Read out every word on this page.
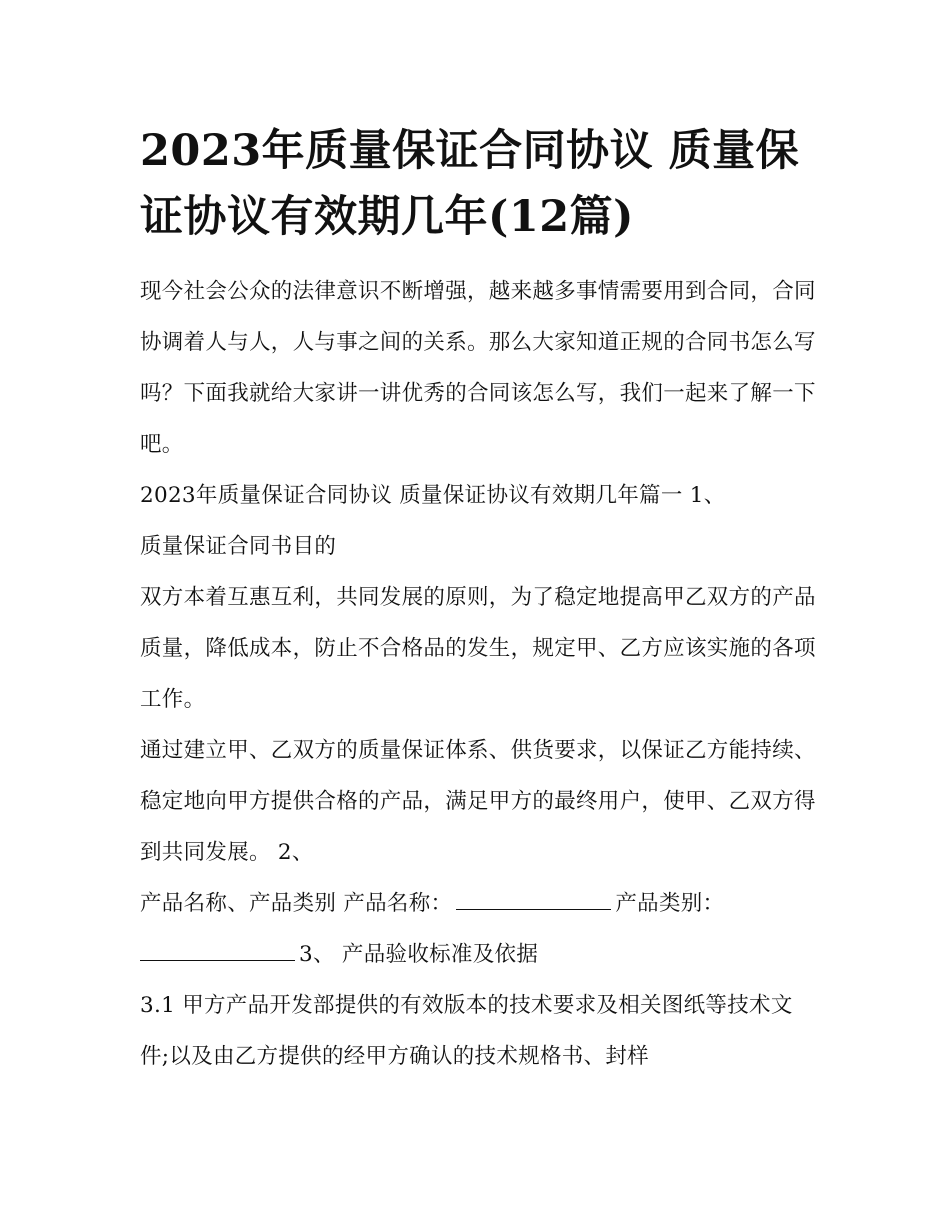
2023年质量保证合同协议 质量保证协议有效期几年(12篇)

现今社会公众的法律意识不断增强，越来越多事情需要用到合同，合同协调着人与人，人与事之间的关系。那么大家知道正规的合同书怎么写吗？下面我就给大家讲一讲优秀的合同该怎么写，我们一起来了解一下吧。

2023年质量保证合同协议 质量保证协议有效期几年篇一 1、

质量保证合同书目的

双方本着互惠互利，共同发展的原则，为了稳定地提高甲乙双方的产品质量，降低成本，防止不合格品的发生，规定甲、乙方应该实施的各项工作。

通过建立甲、乙双方的质量保证体系、供货要求，以保证乙方能持续、稳定地向甲方提供合格的产品，满足甲方的最终用户，使甲、乙双方得到共同发展。 2、

产品名称、产品类别 产品名称：	产品类别：

3、 产品验收标准及依据

3.1 甲方产品开发部提供的有效版本的技术要求及相关图纸等技术文件;以及由乙方提供的经甲方确认的技术规格书、封样
